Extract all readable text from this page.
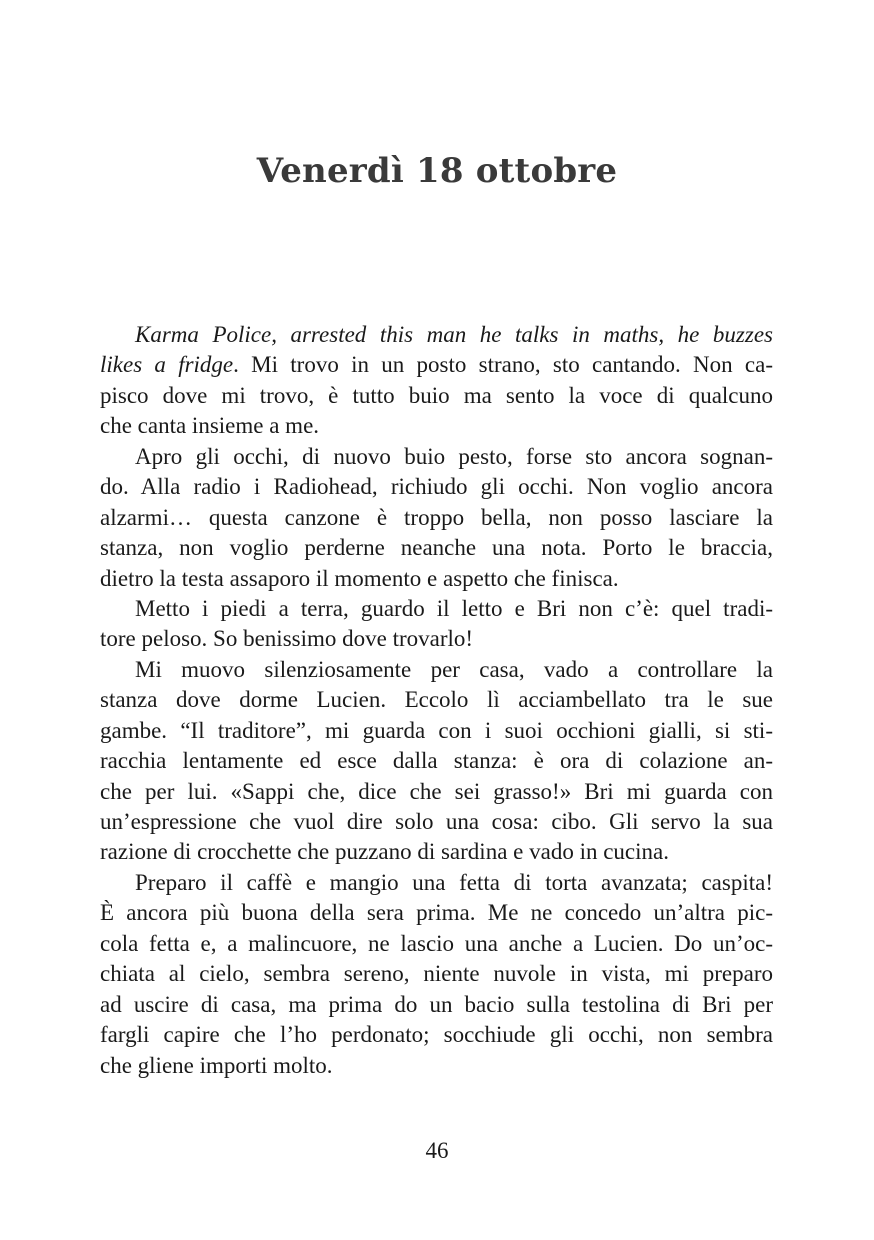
Venerdì 18 ottobre
Karma Police, arrested this man he talks in maths, he buzzes
likes a fridge. Mi trovo in un posto strano, sto cantando. Non ca-
pisco dove mi trovo, è tutto buio ma sento la voce di qualcuno
che canta insieme a me.
Apro gli occhi, di nuovo buio pesto, forse sto ancora sognan-
do. Alla radio i Radiohead, richiudo gli occhi. Non voglio ancora
alzarmi… questa canzone è troppo bella, non posso lasciare la
stanza, non voglio perderne neanche una nota. Porto le braccia,
dietro la testa assaporo il momento e aspetto che finisca.
Metto i piedi a terra, guardo il letto e Bri non c’è: quel tradi-
tore peloso. So benissimo dove trovarlo!
Mi muovo silenziosamente per casa, vado a controllare la
stanza dove dorme Lucien. Eccolo lì acciambellato tra le sue
gambe. “Il traditore”, mi guarda con i suoi occhioni gialli, si sti-
racchia lentamente ed esce dalla stanza: è ora di colazione an-
che per lui. «Sappi che, dice che sei grasso!» Bri mi guarda con
un’espressione che vuol dire solo una cosa: cibo. Gli servo la sua
razione di crocchette che puzzano di sardina e vado in cucina.
Preparo il caffè e mangio una fetta di torta avanzata; caspita!
È ancora più buona della sera prima. Me ne concedo un’altra pic-
cola fetta e, a malincuore, ne lascio una anche a Lucien. Do un’oc-
chiata al cielo, sembra sereno, niente nuvole in vista, mi preparo
ad uscire di casa, ma prima do un bacio sulla testolina di Bri per
fargli capire che l’ho perdonato; socchiude gli occhi, non sembra
che gliene importi molto.
46
